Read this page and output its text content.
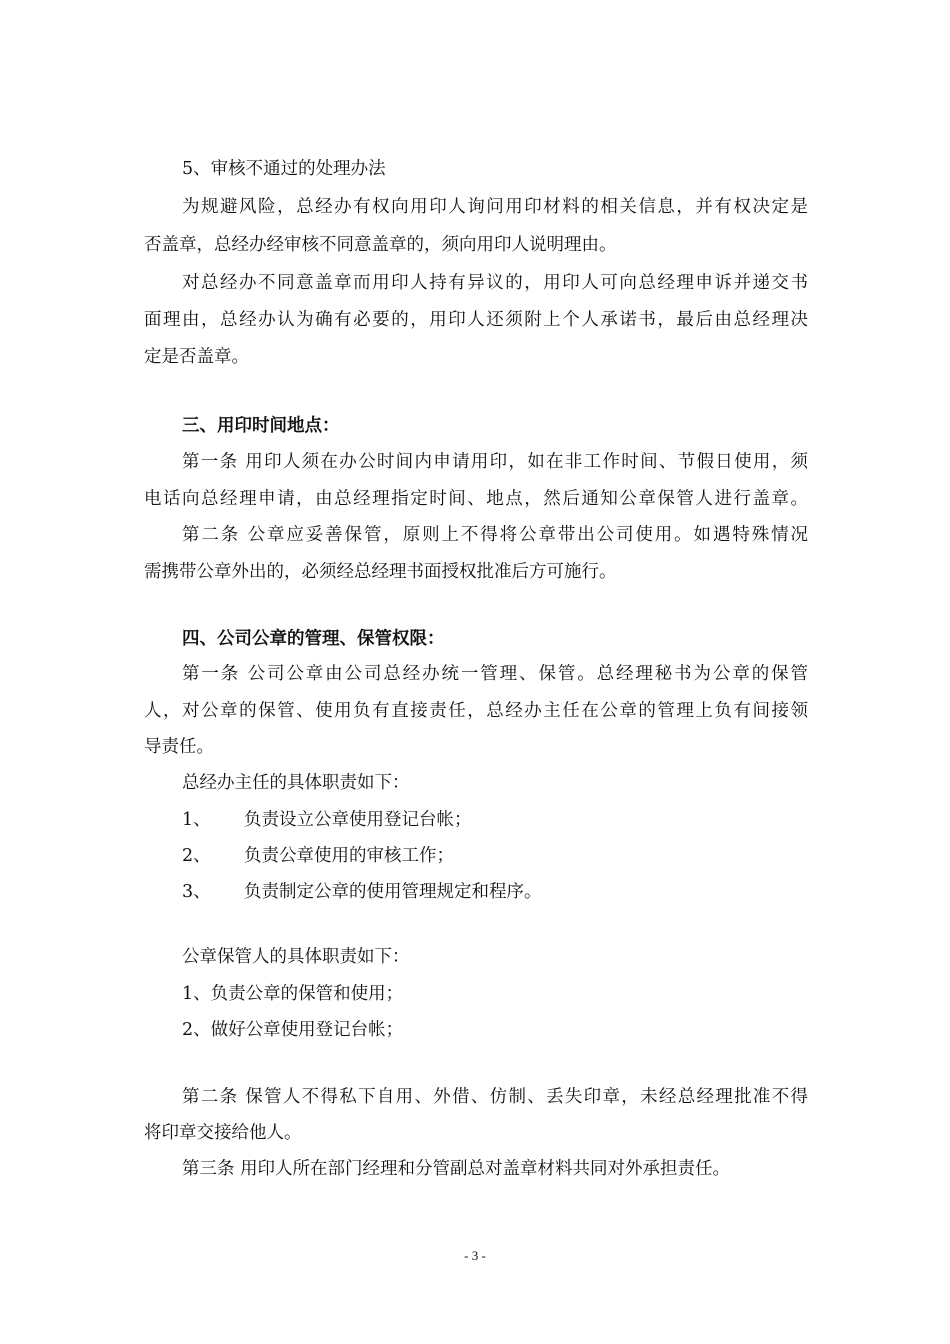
5、审核不通过的处理办法
为规避风险，总经办有权向用印人询问用印材料的相关信息，并有权决定是
否盖章，总经办经审核不同意盖章的，须向用印人说明理由。
对总经办不同意盖章而用印人持有异议的，用印人可向总经理申诉并递交书
面理由，总经办认为确有必要的，用印人还须附上个人承诺书，最后由总经理决
定是否盖章。
三、用印时间地点：
第一条 用印人须在办公时间内申请用印，如在非工作时间、节假日使用，须
电话向总经理申请，由总经理指定时间、地点，然后通知公章保管人进行盖章。
第二条 公章应妥善保管，原则上不得将公章带出公司使用。如遇特殊情况
需携带公章外出的，必须经总经理书面授权批准后方可施行。
四、公司公章的管理、保管权限：
第一条 公司公章由公司总经办统一管理、保管。总经理秘书为公章的保管
人，对公章的保管、使用负有直接责任，总经办主任在公章的管理上负有间接领
导责任。
总经办主任的具体职责如下：
1、 负责设立公章使用登记台帐；
2、 负责公章使用的审核工作；
3、 负责制定公章的使用管理规定和程序。
公章保管人的具体职责如下：
1、负责公章的保管和使用；
2、做好公章使用登记台帐；
第二条 保管人不得私下自用、外借、仿制、丢失印章，未经总经理批准不得
将印章交接给他人。
第三条 用印人所在部门经理和分管副总对盖章材料共同对外承担责任。
- 3 -
